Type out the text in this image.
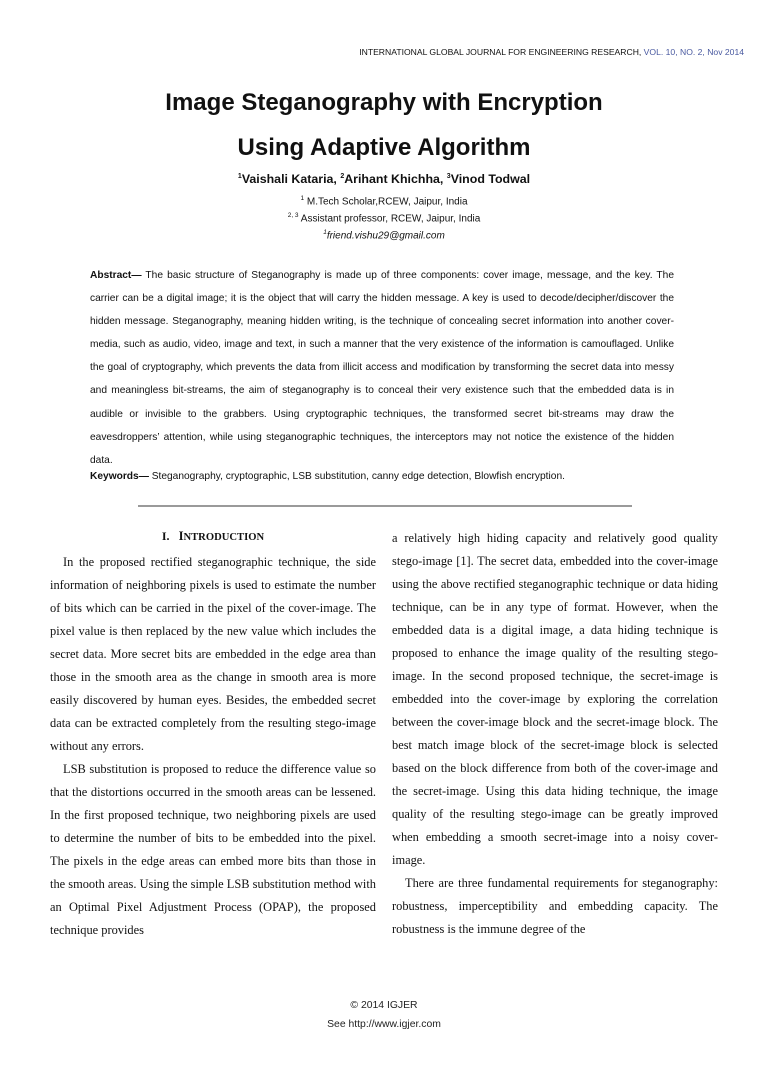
INTERNATIONAL GLOBAL JOURNAL FOR ENGINEERING RESEARCH, VOL. 10, NO. 2, Nov 2014
Image Steganography with Encryption
Using Adaptive Algorithm
$^1$Vaishali Kataria, $^2$Arihant Khichha, $^3$Vinod Todwal
$^1$ M.Tech Scholar,RCEW, Jaipur, India
$^{2, 3}$ Assistant professor, RCEW, Jaipur, India
$^1$friend.vishu29@gmail.com

Abstract— The basic structure of Steganography is made up of three components: cover image, message, and the key. The carrier can be a digital image; it is the object that will carry the hidden message. A key is used to decode/decipher/discover the hidden message. Steganography, meaning hidden writing, is the technique of concealing secret information into another cover-media, such as audio, video, image and text, in such a manner that the very existence of the information is camouflaged. Unlike the goal of cryptography, which prevents the data from illicit access and modification by transforming the secret data into messy and meaningless bit-streams, the aim of steganography is to conceal their very existence such that the embedded data is in audible or invisible to the grabbers. Using cryptographic techniques, the transformed secret bit-streams may draw the eavesdroppers’ attention, while using steganographic techniques, the interceptors may not notice the existence of the hidden data.

Keywords— Steganography, cryptographic, LSB substitution, canny edge detection, Blowfish encryption.

I. INTRODUCTION

In the proposed rectified steganographic technique, the side information of neighboring pixels is used to estimate the number of bits which can be carried in the pixel of the cover-image. The pixel value is then replaced by the new value which includes the secret data. More secret bits are embedded in the edge area than those in the smooth area as the change in smooth area is more easily discovered by human eyes. Besides, the embedded secret data can be extracted completely from the resulting stego-image without any errors.

LSB substitution is proposed to reduce the difference value so that the distortions occurred in the smooth areas can be lessened. In the first proposed technique, two neighboring pixels are used to determine the number of bits to be embedded into the pixel. The pixels in the edge areas can embed more bits than those in the smooth areas. Using the simple LSB substitution method with an Optimal Pixel Adjustment Process (OPAP), the proposed technique provides

a relatively high hiding capacity and relatively good quality stego-image [1]. The secret data, embedded into the cover-image using the above rectified steganographic technique or data hiding technique, can be in any type of format. However, when the embedded data is a digital image, a data hiding technique is proposed to enhance the image quality of the resulting stego-image. In the second proposed technique, the secret-image is embedded into the cover-image by exploring the correlation between the cover-image block and the secret-image block. The best match image block of the secret-image block is selected based on the block difference from both of the cover-image and the secret-image. Using this data hiding technique, the image quality of the resulting stego-image can be greatly improved when embedding a smooth secret-image into a noisy cover-image.

There are three fundamental requirements for steganography: robustness, imperceptibility and embedding capacity. The robustness is the immune degree of the

© 2014 IGJER
See http://www.igjer.com
